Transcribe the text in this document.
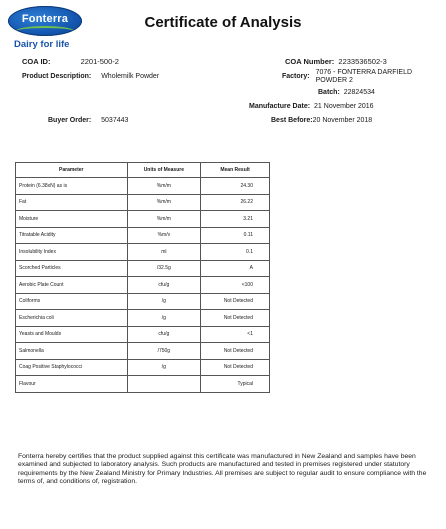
Fonterra
Dairy for life
Certificate of Analysis
COA ID:	2201-500-2
Product Description: Wholemilk Powder
Buyer Order: 5037443
COA Number: 2233536502-3
Factory: 7076 - FONTERRA DARFIELD POWDER 2
Batch: 22824534
Manufacture Date: 21 November 2016
Best Before:20 November 2018
Parameter	Units of Measure	Mean Result
Protein (6.38xN) as is	%m/m	24.30
Fat	%m/m	26.22
Moisture	%m/m	3.21
Titratable Acidity	%m/v	0.11
Insolubility Index	ml	0.1
Scorched Particles	/32.5g	A
Aerobic Plate Count	cfu/g	<100
Coliforms	/g	Not Detected
Escherichia coli	/g	Not Detected
Yeasts and Moulds	cfu/g	<1
Salmonella	/750g	Not Detected
Coag Positive Staphylococci	/g	Not Detected
Flavour		Typical
Fonterra hereby certifies that the product supplied against this certificate was manufactured in New Zealand and samples have been examined and subjected to laboratory analysis. Such products are manufactured and tested in premises registered under statutory requirements by the New Zealand Ministry for Primary Industries. All premises are subject to regular audit to ensure compliance with the terms of, and conditions of, registration.
